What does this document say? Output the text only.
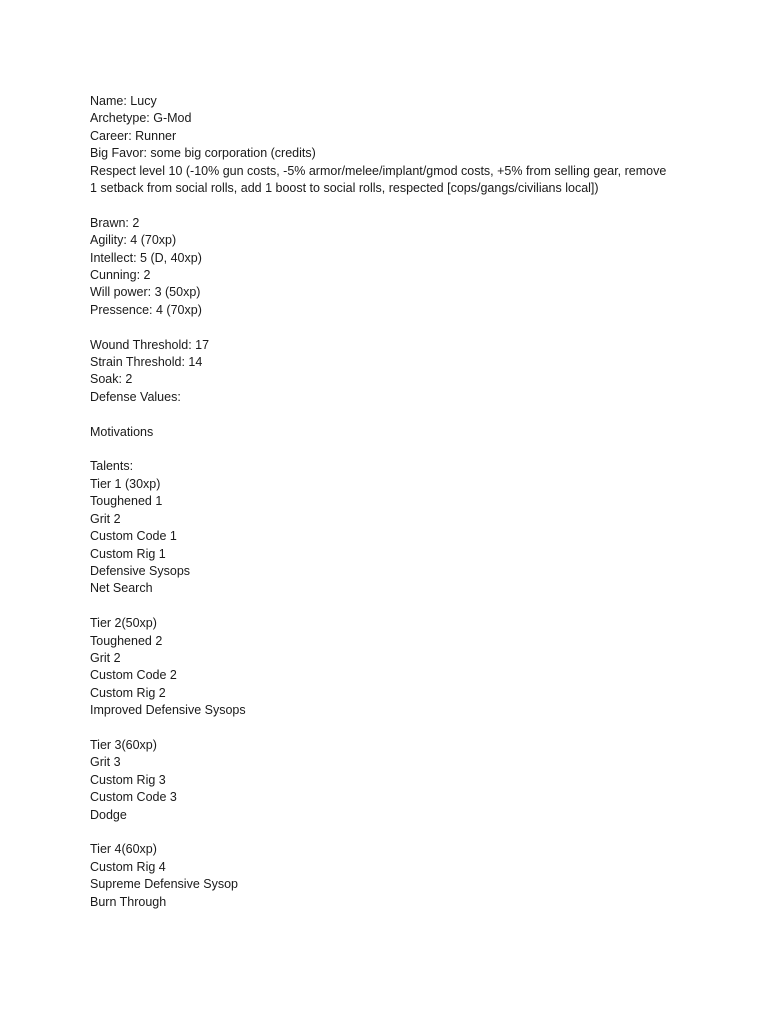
Name: Lucy
Archetype: G-Mod
Career: Runner
Big Favor: some big corporation (credits)
Respect level 10 (-10% gun costs, -5% armor/melee/implant/gmod costs, +5% from selling gear, remove
1 setback from social rolls, add 1 boost to social rolls, respected [cops/gangs/civilians local])
Brawn: 2
Agility: 4 (70xp)
Intellect: 5 (D, 40xp)
Cunning: 2
Will power: 3 (50xp)
Pressence: 4 (70xp)
Wound Threshold: 17
Strain Threshold: 14
Soak: 2
Defense Values:
Motivations
Talents:
Tier 1 (30xp)
Toughened 1
Grit 2
Custom Code 1
Custom Rig 1
Defensive Sysops
Net Search
Tier 2(50xp)
Toughened 2
Grit 2
Custom Code 2
Custom Rig 2
Improved Defensive Sysops
Tier 3(60xp)
Grit 3
Custom Rig 3
Custom Code 3
Dodge
Tier 4(60xp)
Custom Rig 4
Supreme Defensive Sysop
Burn Through
